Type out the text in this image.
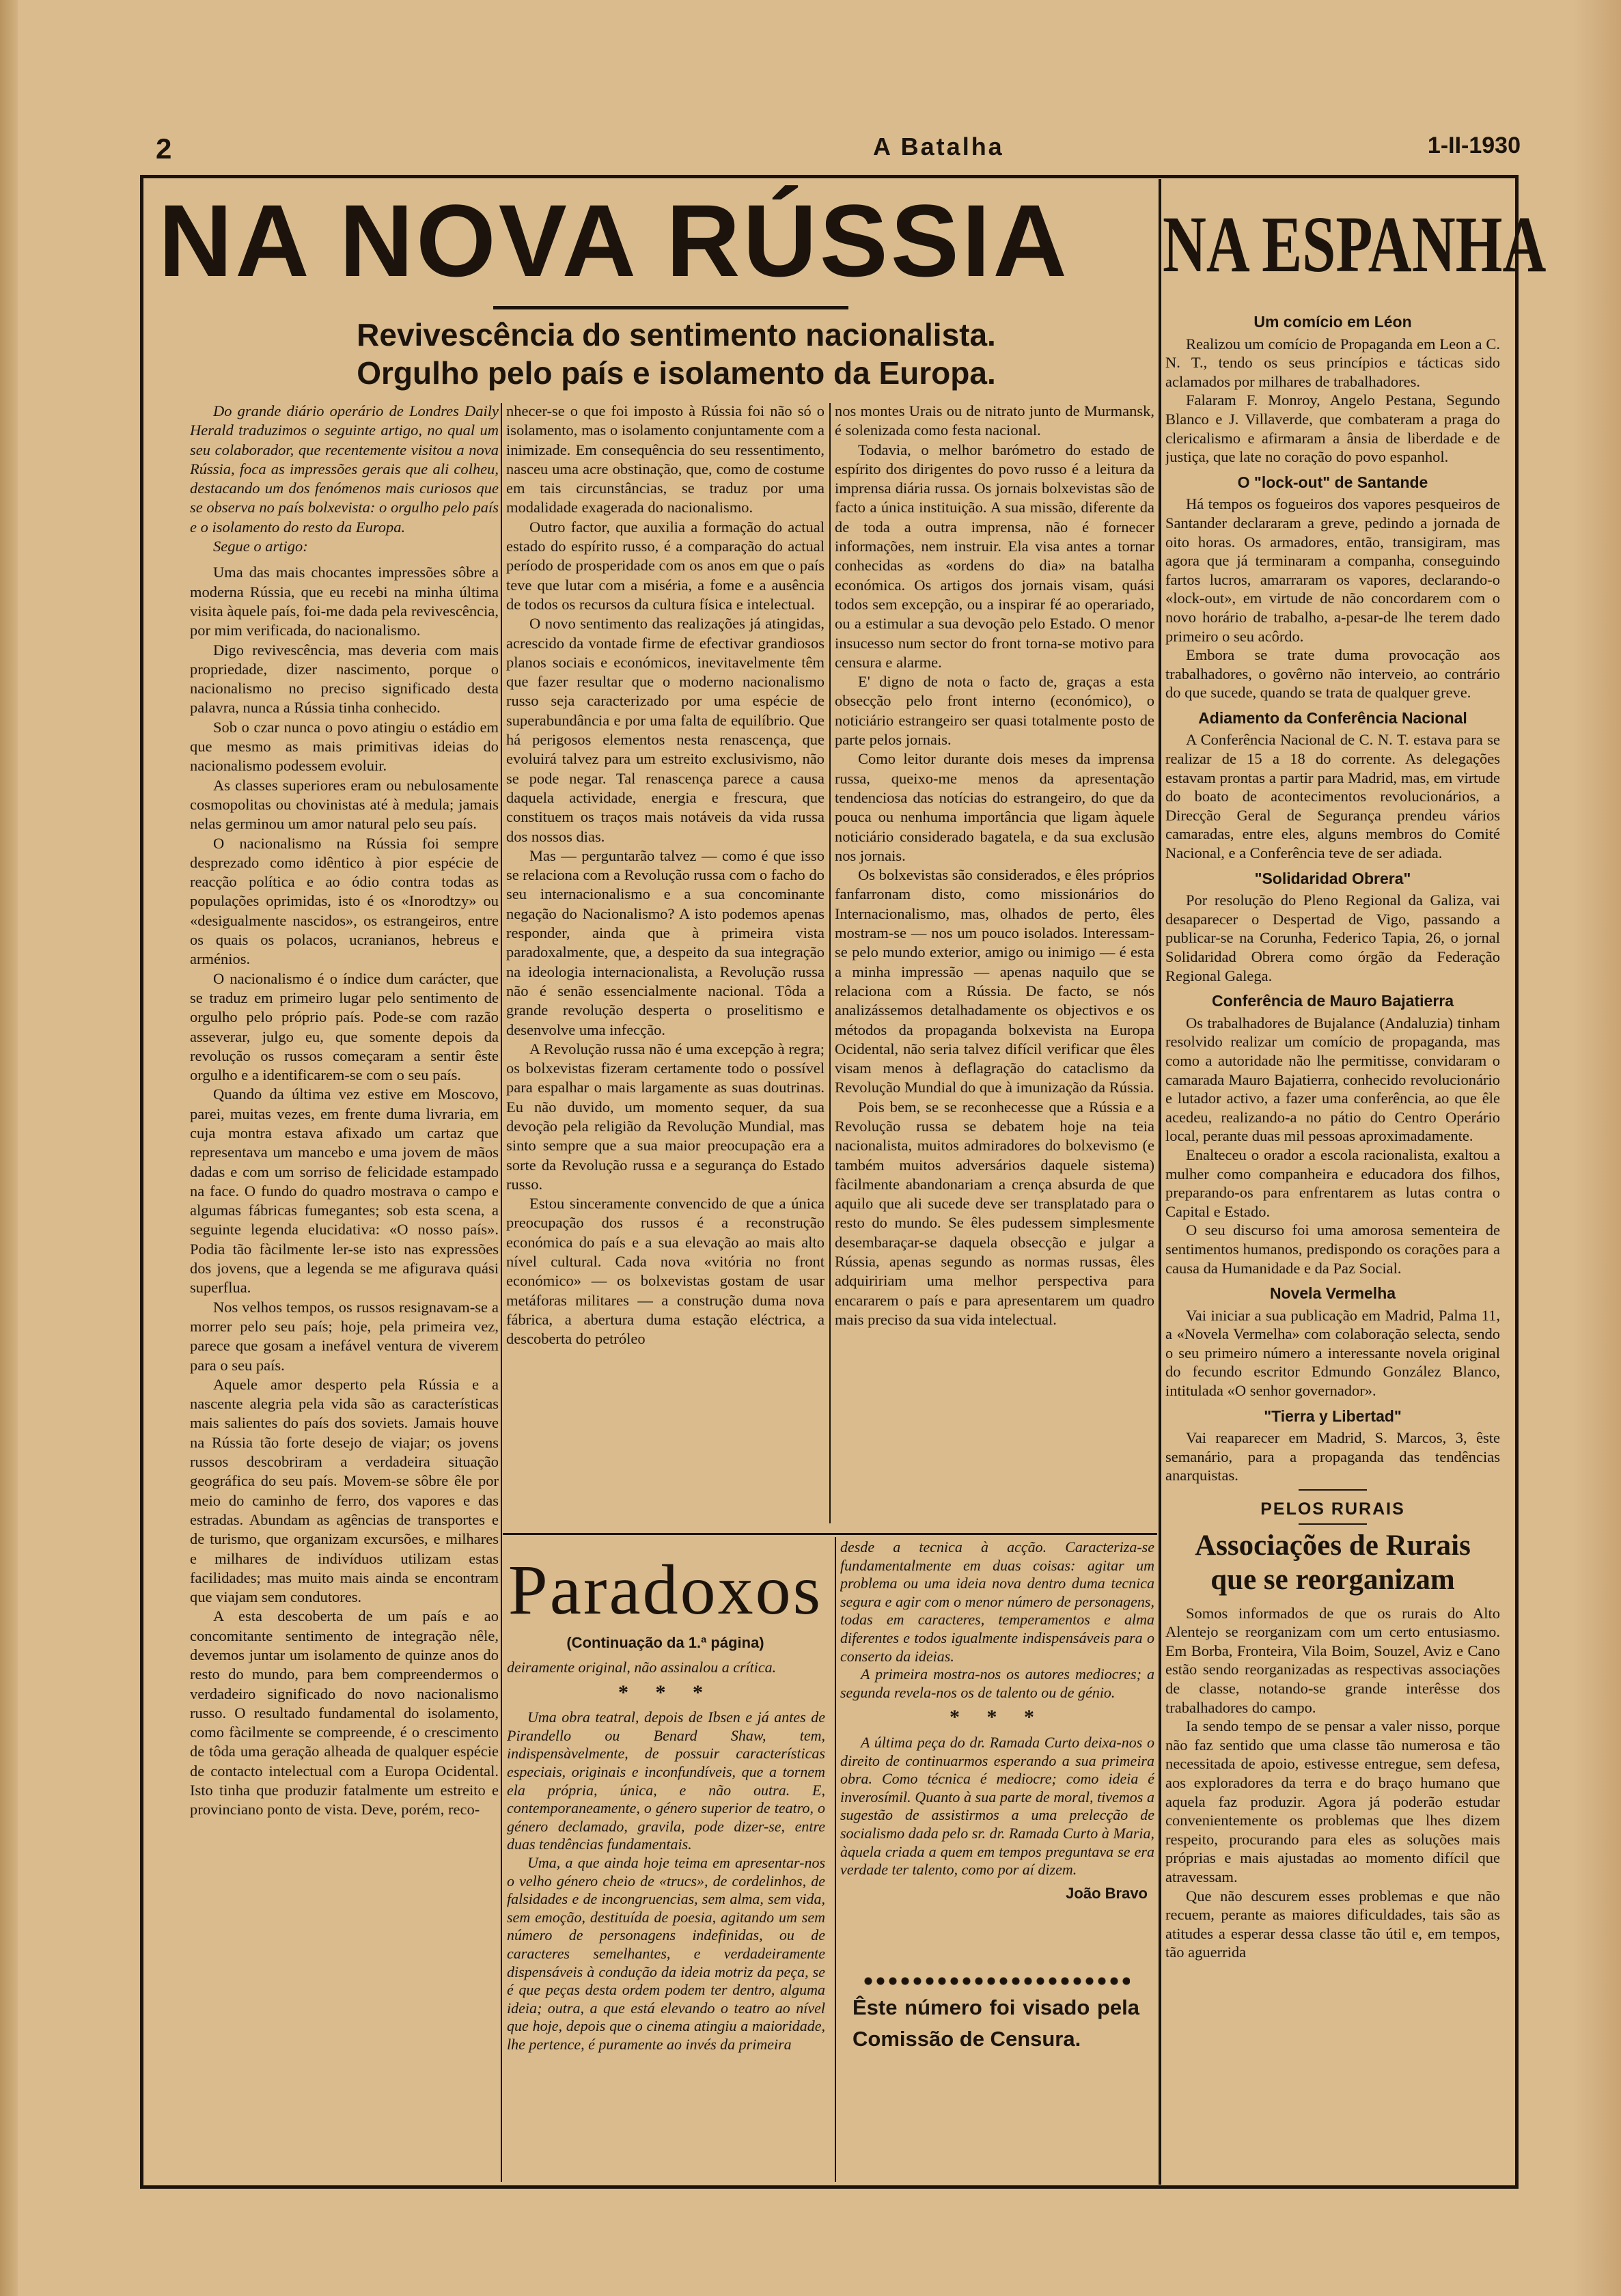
2	A Batalha	1-II-1930
NA NOVA RÚSSIA	NA ESPANHA
Revivescência do sentimento nacionalista.
Orgulho pelo país e isolamento da Europa.

Do grande diário operário de Londres Daily Herald traduzimos o seguinte artigo, no qual um seu colaborador, que recentemente visitou a nova Rússia, foca as impressões gerais que ali colheu, destacando um dos fenómenos mais curiosos que se observa no país bolxevista: o orgulho pelo país e o isolamento do resto da Europa.

Segue o artigo:

Uma das mais chocantes impressões sôbre a moderna Rússia, que eu recebi na minha última visita àquele país, foi-me dada pela revivescência, por mim verificada, do nacionalismo.

Digo revivescência, mas deveria com mais propriedade, dizer nascimento, porque o nacionalismo no preciso significado desta palavra, nunca a Rússia tinha conhecido.

Sob o czar nunca o povo atingiu o estádio em que mesmo as mais primitivas ideias do nacionalismo podessem evoluir.

As classes superiores eram ou nebulosamente cosmopolitas ou chovinistas até à medula; jamais nelas germinou um amor natural pelo seu país.

O nacionalismo na Rússia foi sempre desprezado como idêntico à pior espécie de reacção política e ao ódio contra todas as populações oprimidas, isto é os «Inorodtzy» ou «desigualmente nascidos», os estrangeiros, entre os quais os polacos, ucranianos, hebreus e arménios.

O nacionalismo é o índice dum carácter, que se traduz em primeiro lugar pelo sentimento de orgulho pelo próprio país. Pode-se com razão asseverar, julgo eu, que somente depois da revolução os russos começaram a sentir êste orgulho e a identificarem-se com o seu país.

Quando da última vez estive em Moscovo, parei, muitas vezes, em frente duma livraria, em cuja montra estava afixado um cartaz que representava um mancebo e uma jovem de mãos dadas e com um sorriso de felicidade estampado na face. O fundo do quadro mostrava o campo e algumas fábricas fumegantes; sob esta scena, a seguinte legenda elucidativa: «O nosso país». Podia tão fàcilmente ler-se isto nas expressões dos jovens, que a legenda se me afigurava quási superflua.

Nos velhos tempos, os russos resignavam-se a morrer pelo seu país; hoje, pela primeira vez, parece que gosam a inefável ventura de viverem para o seu país.

Aquele amor desperto pela Rússia e a nascente alegria pela vida são as características mais salientes do país dos soviets. Jamais houve na Rússia tão forte desejo de viajar; os jovens russos descobriram a verdadeira situação geográfica do seu país. Movem-se sôbre êle por meio do caminho de ferro, dos vapores e das estradas. Abundam as agências de transportes e de turismo, que organizam excursões, e milhares e milhares de indivíduos utilizam estas facilidades; mas muito mais ainda se encontram que viajam sem condutores.

A esta descoberta de um país e ao concomitante sentimento de integração nêle, devemos juntar um isolamento de quinze anos do resto do mundo, para bem compreendermos o verdadeiro significado do novo nacionalismo russo. O resultado fundamental do isolamento, como fàcilmente se compreende, é o crescimento de tôda uma geração alheada de qualquer espécie de contacto intelectual com a Europa Ocidental. Isto tinha que produzir fatalmente um estreito e provinciano ponto de vista. Deve, porém, reco-

nhecer-se o que foi imposto à Rússia foi não só o isolamento, mas o isolamento conjuntamente com a inimizade. Em consequência do seu ressentimento, nasceu uma acre obstinação, que, como de costume em tais circunstâncias, se traduz por uma modalidade exagerada do nacionalismo.

Outro factor, que auxilia a formação do actual estado do espírito russo, é a comparação do actual período de prosperidade com os anos em que o país teve que lutar com a miséria, a fome e a ausência de todos os recursos da cultura física e intelectual.

O novo sentimento das realizações já atingidas, acrescido da vontade firme de efectivar grandiosos planos sociais e económicos, inevitavelmente têm que fazer resultar que o moderno nacionalismo russo seja caracterizado por uma espécie de superabundância e por uma falta de equilíbrio. Que há perigosos elementos nesta renascença, que evoluirá talvez para um estreito exclusivismo, não se pode negar. Tal renascença parece a causa daquela actividade, energia e frescura, que constituem os traços mais notáveis da vida russa dos nossos dias.

Mas — perguntarão talvez — como é que isso se relaciona com a Revolução russa com o facho do seu internacionalismo e a sua concominante negação do Nacionalismo? A isto podemos apenas responder, ainda que à primeira vista paradoxalmente, que, a despeito da sua integração na ideologia internacionalista, a Revolução russa não é senão essencialmente nacional. Tôda a grande revolução desperta o proselitismo e desenvolve uma infecção.

A Revolução russa não é uma excepção à regra; os bolxevistas fizeram certamente todo o possível para espalhar o mais largamente as suas doutrinas. Eu não duvido, um momento sequer, da sua devoção pela religião da Revolução Mundial, mas sinto sempre que a sua maior preocupação era a sorte da Revolução russa e a segurança do Estado russo.

Estou sinceramente convencido de que a única preocupação dos russos é a reconstrução económica do país e a sua elevação ao mais alto nível cultural. Cada nova «vitória no front económico» — os bolxevistas gostam de usar metáforas militares — a construção duma nova fábrica, a abertura duma estação eléctrica, a descoberta do petróleo

nos montes Urais ou de nitrato junto de Murmansk, é solenizada como festa nacional.

Todavia, o melhor barómetro do estado de espírito dos dirigentes do povo russo é a leitura da imprensa diária russa. Os jornais bolxevistas são de facto a única instituição. A sua missão, diferente da de toda a outra imprensa, não é fornecer informações, nem instruir. Ela visa antes a tornar conhecidas as «ordens do dia» na batalha económica. Os artigos dos jornais visam, quási todos sem excepção, ou a inspirar fé ao operariado, ou a estimular a sua devoção pelo Estado. O menor insucesso num sector do front torna-se motivo para censura e alarme.

E' digno de nota o facto de, graças a esta obsecção pelo front interno (económico), o noticiário estrangeiro ser quasi totalmente posto de parte pelos jornais.

Como leitor durante dois meses da imprensa russa, queixo-me menos da apresentação tendenciosa das notícias do estrangeiro, do que da pouca ou nenhuma importância que ligam àquele noticiário considerado bagatela, e da sua exclusão nos jornais.

Os bolxevistas são considerados, e êles próprios fanfarronam disto, como missionários do Internacionalismo, mas, olhados de perto, êles mostram-se — nos um pouco isolados. Interessam-se pelo mundo exterior, amigo ou inimigo — é esta a minha impressão — apenas naquilo que se relaciona com a Rússia. De facto, se nós analizássemos detalhadamente os objectivos e os métodos da propaganda bolxevista na Europa Ocidental, não seria talvez difícil verificar que êles visam menos à deflagração do cataclismo da Revolução Mundial do que à imunização da Rússia.

Pois bem, se se reconhecesse que a Rússia e a Revolução russa se debatem hoje na teia nacionalista, muitos admiradores do bolxevismo (e também muitos adversários daquele sistema) fàcilmente abandonariam a crença absurda de que aquilo que ali sucede deve ser transplatado para o resto do mundo. Se êles pudessem simplesmente desembaraçar-se daquela obsecção e julgar a Rússia, apenas segundo as normas russas, êles adquiririam uma melhor perspectiva para encararem o país e para apresentarem um quadro mais preciso da sua vida intelectual.

Paradoxos
(Continuação da 1.ª página)

deiramente original, não assinalou a crítica.

* * *

Uma obra teatral, depois de Ibsen e já antes de Pirandello ou Benard Shaw, tem, indispensàvelmente, de possuir características especiais, originais e inconfundíveis, que a tornem ela própria, única, e não outra. E, contemporaneamente, o género superior de teatro, o género declamado, gravila, pode dizer-se, entre duas tendências fundamentais.

Uma, a que ainda hoje teima em apresentar-nos o velho género cheio de «trucs», de cordelinhos, de falsidades e de incongruencias, sem alma, sem vida, sem emoção, destituída de poesia, agitando um sem número de personagens indefinidas, ou de caracteres semelhantes, e verdadeiramente dispensáveis à condução da ideia motriz da peça, se é que peças desta ordem podem ter dentro, alguma ideia; outra, a que está elevando o teatro ao nível que hoje, depois que o cinema atingiu a maioridade, lhe pertence, é puramente ao invés da primeira

desde a tecnica à acção. Caracteriza-se fundamentalmente em duas coisas: agitar um problema ou uma ideia nova dentro duma tecnica segura e agir com o menor número de personagens, todas em caracteres, temperamentos e alma diferentes e todos igualmente indispensáveis para o conserto da ideias.

A primeira mostra-nos os autores mediocres; a segunda revela-nos os de talento ou de génio.

* * *

A última peça do dr. Ramada Curto deixa-nos o direito de continuarmos esperando a sua primeira obra. Como técnica é mediocre; como ideia é inverosímil. Quanto à sua parte de moral, tivemos a sugestão de assistirmos a uma prelecção de socialismo dada pelo sr. dr. Ramada Curto à Maria, àquela criada a quem em tempos preguntava se era verdade ter talento, como por aí dizem.

João Bravo
Êste número foi visado pela Comissão de Censura.
Um comício em Léon

Realizou um comício de Propaganda em Leon a C. N. T., tendo os seus princípios e tácticas sido aclamados por milhares de trabalhadores.

Falaram F. Monroy, Angelo Pestana, Segundo Blanco e J. Villaverde, que combateram a praga do clericalismo e afirmaram a ânsia de liberdade e de justiça, que late no coração do povo espanhol.

O "lock-out" de Santande

Há tempos os fogueiros dos vapores pesqueiros de Santander declararam a greve, pedindo a jornada de oito horas. Os armadores, então, transigiram, mas agora que já terminaram a companha, conseguindo fartos lucros, amarraram os vapores, declarando-o «lock-out», em virtude de não concordarem com o novo horário de trabalho, a-pesar-de lhe terem dado primeiro o seu acôrdo.

Embora se trate duma provocação aos trabalhadores, o govêrno não interveio, ao contrário do que sucede, quando se trata de qualquer greve.

Adiamento da Conferência Nacional

A Conferência Nacional de C. N. T. estava para se realizar de 15 a 18 do corrente. As delegações estavam prontas a partir para Madrid, mas, em virtude do boato de acontecimentos revolucionários, a Direcção Geral de Segurança prendeu vários camaradas, entre eles, alguns membros do Comité Nacional, e a Conferência teve de ser adiada.

"Solidaridad Obrera"

Por resolução do Pleno Regional da Galiza, vai desaparecer o Despertad de Vigo, passando a publicar-se na Corunha, Federico Tapia, 26, o jornal Solidaridad Obrera como órgão da Federação Regional Galega.

Conferência de Mauro Bajatierra

Os trabalhadores de Bujalance (Andaluzia) tinham resolvido realizar um comício de propaganda, mas como a autoridade não lhe permitisse, convidaram o camarada Mauro Bajatierra, conhecido revolucionário e lutador activo, a fazer uma conferência, ao que êle acedeu, realizando-a no pátio do Centro Operário local, perante duas mil pessoas aproximadamente.

Enalteceu o orador a escola racionalista, exaltou a mulher como companheira e educadora dos filhos, preparando-os para enfrentarem as lutas contra o Capital e Estado.

O seu discurso foi uma amorosa sementeira de sentimentos humanos, predispondo os corações para a causa da Humanidade e da Paz Social.

Novela Vermelha

Vai iniciar a sua publicação em Madrid, Palma 11, a «Novela Vermelha» com colaboração selecta, sendo o seu primeiro número a interessante novela original do fecundo escritor Edmundo González Blanco, intitulada «O senhor governador».

"Tierra y Libertad"

Vai reaparecer em Madrid, S. Marcos, 3, êste semanário, para a propaganda das tendências anarquistas.

PELOS RURAIS
Associações de Rurais
que se reorganizam

Somos informados de que os rurais do Alto Alentejo se reorganizam com um certo entusiasmo. Em Borba, Fronteira, Vila Boim, Souzel, Aviz e Cano estão sendo reorganizadas as respectivas associações de classe, notando-se grande interêsse dos trabalhadores do campo.

Ia sendo tempo de se pensar a valer nisso, porque não faz sentido que uma classe tão numerosa e tão necessitada de apoio, estivesse entregue, sem defesa, aos exploradores da terra e do braço humano que aquela faz produzir. Agora já poderão estudar convenientemente os problemas que lhes dizem respeito, procurando para eles as soluções mais próprias e mais ajustadas ao momento difícil que atravessam.

Que não descurem esses problemas e que não recuem, perante as maiores dificuldades, tais são as atitudes a esperar dessa classe tão útil e, em tempos, tão aguerrida
